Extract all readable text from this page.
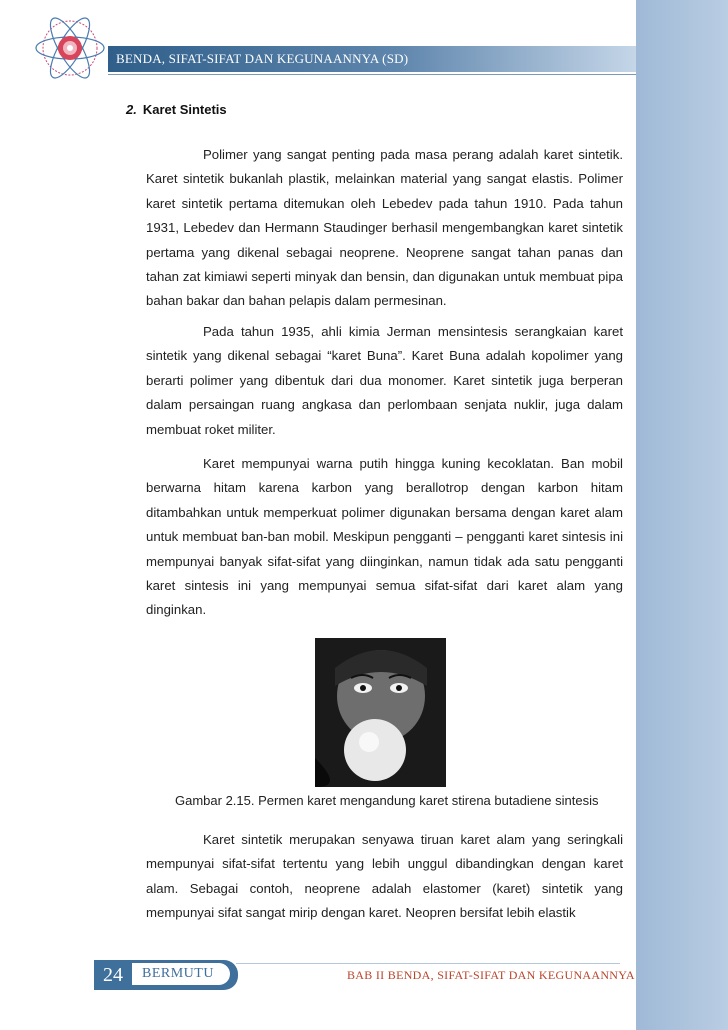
BENDA, SIFAT-SIFAT DAN KEGUNAANNYA (SD)
2. Karet Sintetis

Polimer yang sangat penting pada masa perang adalah karet sintetik. Karet sintetik bukanlah plastik, melainkan material yang sangat elastis. Polimer karet sintetik pertama ditemukan oleh Lebedev pada tahun 1910. Pada tahun 1931, Lebedev dan Hermann Staudinger berhasil mengembangkan karet sintetik pertama yang dikenal sebagai neoprene. Neoprene sangat tahan panas dan tahan zat kimiawi seperti minyak dan bensin, dan digunakan untuk membuat pipa bahan bakar dan bahan pelapis dalam permesinan.

Pada tahun 1935, ahli kimia Jerman mensintesis serangkaian karet sintetik yang dikenal sebagai “karet Buna”. Karet Buna adalah kopolimer yang berarti polimer yang dibentuk dari dua monomer. Karet sintetik juga berperan dalam persaingan ruang angkasa dan perlombaan senjata nuklir, juga dalam membuat roket militer.

Karet mempunyai warna putih hingga kuning kecoklatan. Ban mobil berwarna hitam karena karbon yang berallotrop dengan karbon hitam ditambahkan untuk memperkuat polimer digunakan bersama dengan karet alam untuk membuat ban-ban mobil. Meskipun pengganti – pengganti karet sintesis ini mempunyai banyak sifat-sifat yang diinginkan, namun tidak ada satu pengganti karet sintesis ini yang mempunyai semua sifat-sifat dari karet alam yang dinginkan.

Gambar 2.15. Permen karet mengandung karet stirena butadiene sintesis

Karet sintetik merupakan senyawa tiruan karet alam yang seringkali mempunyai sifat-sifat tertentu yang lebih unggul dibandingkan dengan karet alam. Sebagai contoh, neoprene adalah elastomer (karet) sintetik yang mempunyai sifat sangat mirip dengan karet. Neopren bersifat lebih elastik

24	BERMUTU	BAB II BENDA, SIFAT-SIFAT DAN KEGUNAANNYA
